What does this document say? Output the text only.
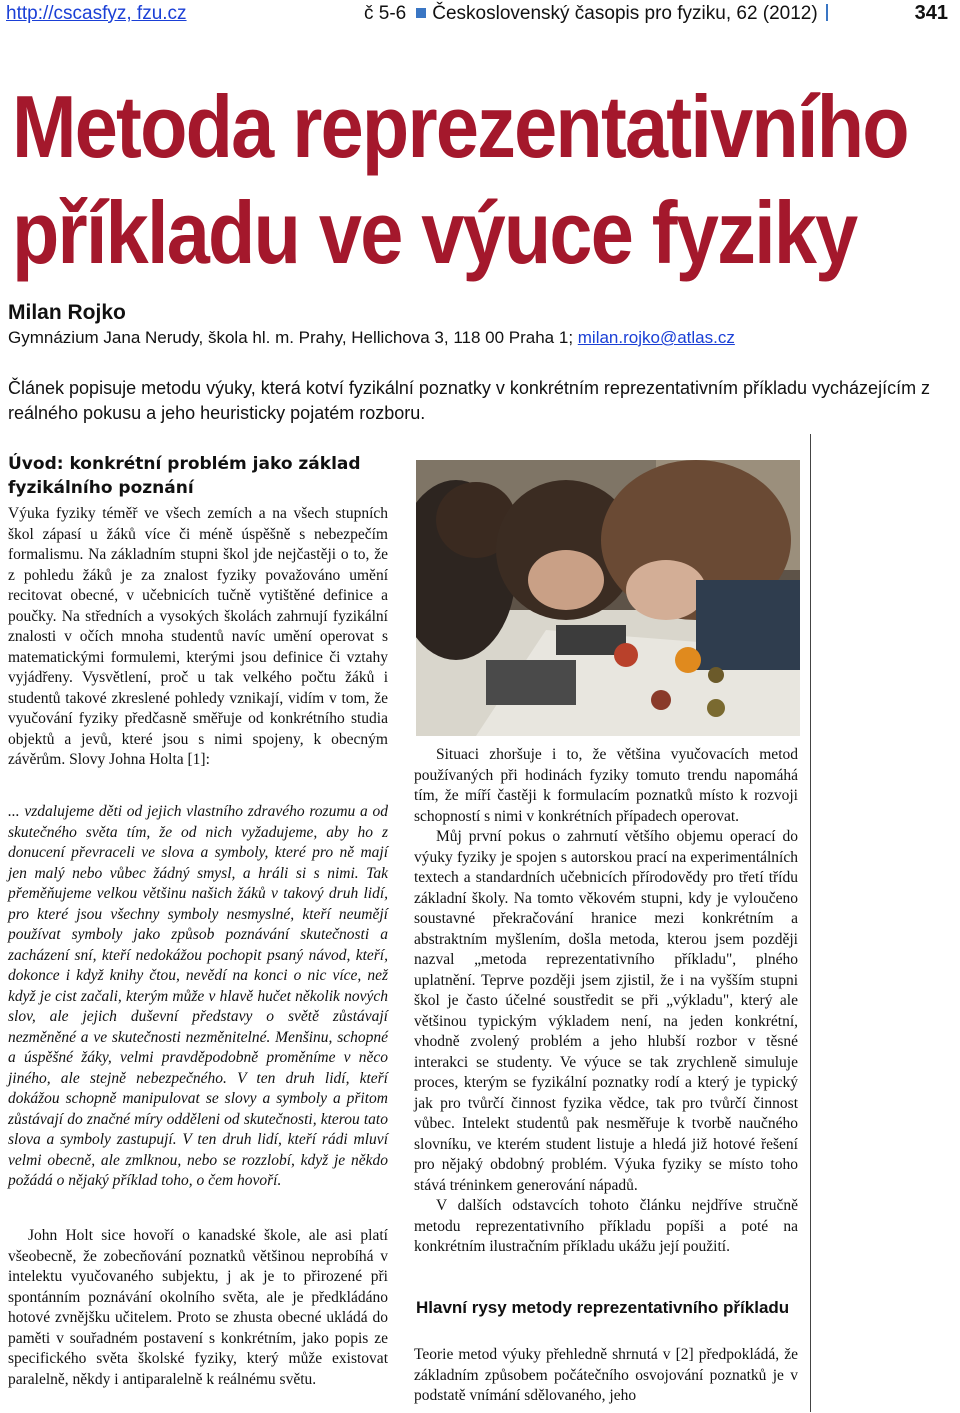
http://cscasfyz, fzu.cz	č 5-6 Československý časopis pro fyziku, 62 (2012)	341
Metoda reprezentativního
příkladu ve výuce fyziky
Milan Rojko
Gymnázium Jana Nerudy, škola hl. m. Prahy, Hellichova 3, 118 00 Praha 1; milan.rojko@atlas.cz
Článek popisuje metodu výuky, která kotví fyzikální poznatky v konkrétním reprezentativním příkladu vycházejícím z reálného pokusu a jeho heuristicky pojatém rozboru.
Úvod: konkrétní problém jako základ fyzikálního poznání
Výuka fyziky téměř ve všech zemích a na všech stupních škol zápasí u žáků více či méně úspěšně s nebezpečím formalismu. Na základním stupni škol jde nejčastěji o to, že z pohledu žáků je za znalost fyziky považováno umění recitovat obecné, v učebnicích tučně vytištěné definice a poučky. Na středních a vysokých školách zahrnují fyzikální znalosti v očích mnoha studentů navíc umění operovat s matematickými formulemi, kterými jsou definice či vztahy vyjádřeny. Vysvětlení, proč u tak velkého počtu žáků i studentů takové zkreslené pohledy vznikají, vidím v tom, že vyučování fyziky předčasně směřuje od konkrétního studia objektů a jevů, které jsou s nimi spojeny, k obecným závěrům. Slovy Johna Holta [1]:
... vzdalujeme děti od jejich vlastního zdravého rozumu a od skutečného světa tím, že od nich vyžadujeme, aby ho z donucení převraceli ve slova a symboly, které pro ně mají jen malý nebo vůbec žádný smysl, a hráli si s nimi. Tak přeměňujeme velkou většinu našich žáků v takový druh lidí, pro které jsou všechny symboly nesmyslné, kteří neumějí používat symboly jako způsob poznávání skutečnosti a zacházení sní, kteří nedokážou pochopit psaný návod, kteří, dokonce i když knihy čtou, nevědí na konci o nic více, než když je cist začali, kterým může v hlavě hučet několik nových slov, ale jejich duševní představy o světě zůstávají nezměněné a ve skutečnosti nezměnitelné. Menšinu, schopné a úspěšné žáky, velmi pravděpodobně proměníme v něco jiného, ale stejně nebezpečného. V ten druh lidí, kteří dokážou schopně manipulovat se slovy a symboly a přitom zůstávají do značné míry odděleni od skutečnosti, kterou tato slova a symboly zastupují. V ten druh lidí, kteří rádi mluví velmi obecně, ale zmlknou, nebo se rozzlobí, když je někdo požádá o nějaký příklad toho, o čem hovoří.
John Holt sice hovoří o kanadské škole, ale asi platí všeobecně, že zobecňování poznatků většinou neprobíhá v intelektu vyučovaného subjektu, j ak je to přirozené při spontánním poznávání okolního světa, ale je předkládáno hotové zvnějšku učitelem. Proto se zhusta obecné ukládá do paměti v souřadném postavení s konkrétním, jako popis ze specifického světa školské fyziky, který může existovat paralelně, někdy i antiparalelně k reálnému světu.
Situaci zhoršuje i to, že většina vyučovacích metod používaných při hodinách fyziky tomuto trendu napomáhá tím, že míří častěji k formulacím poznatků místo k rozvoji schopností s nimi v konkrétních případech operovat.
Můj první pokus o zahrnutí většího objemu operací do výuky fyziky je spojen s autorskou prací na experimentálních textech a standardních učebnicích přírodovědy pro třetí třídu základní školy. Na tomto věkovém stupni, kdy je vyloučeno soustavné překračování hranice mezi konkrétním a abstraktním myšlením, došla metoda, kterou jsem později nazval „metoda reprezentativního příkladu", plného uplatnění. Teprve později jsem zjistil, že i na vyšším stupni škol je často účelné soustředit se při „výkladu", který ale většinou typickým výkladem není, na jeden konkrétní, vhodně zvolený problém a jeho hlubší rozbor v těsné interakci se studenty. Ve výuce se tak zrychleně simuluje proces, kterým se fyzikální poznatky rodí a který je typický jak pro tvůrčí činnost fyzika vědce, tak pro tvůrčí činnost vůbec. Intelekt studentů pak nesměřuje k tvorbě naučného slovníku, ve kterém student listuje a hledá již hotové řešení pro nějaký obdobný problém. Výuka fyziky se místo toho stává tréninkem generování nápadů.
V dalších odstavcích tohoto článku nejdříve stručně metodu reprezentativního příkladu popíši a poté na konkrétním ilustračním příkladu ukážu její použití.
Hlavní rysy metody reprezentativního příkladu
Teorie metod výuky přehledně shrnutá v [2] předpokládá, že základním způsobem počátečního osvojování poznatků je v podstatě vnímání sdělovaného, jeho
